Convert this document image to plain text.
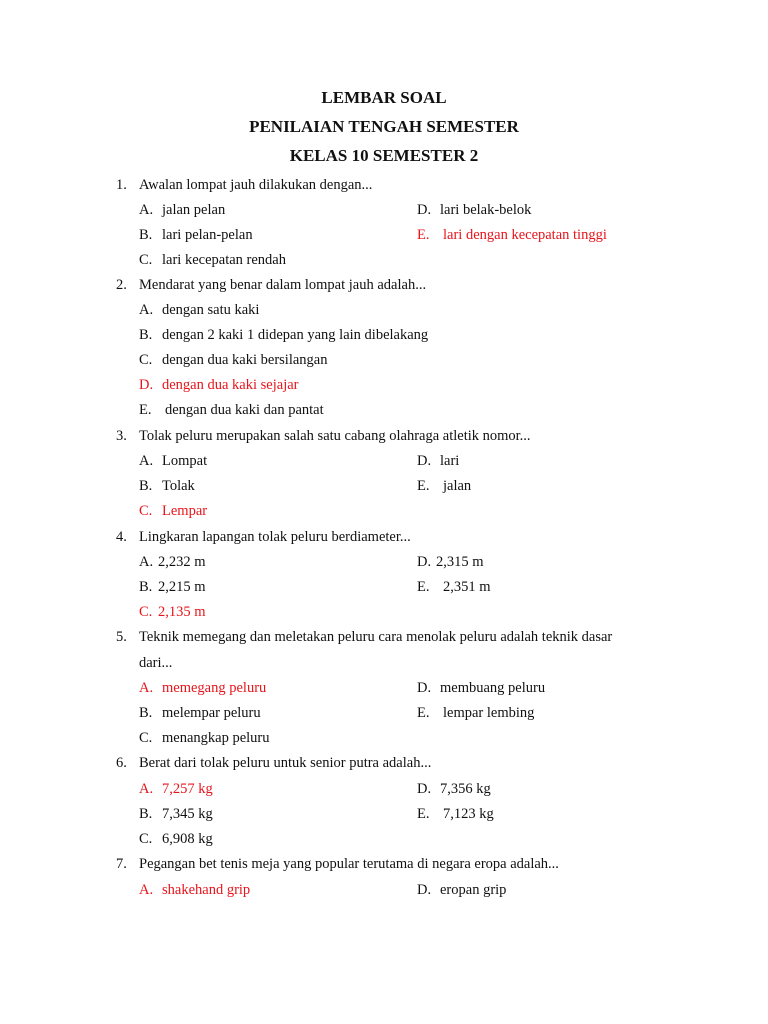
LEMBAR SOAL
PENILAIAN TENGAH SEMESTER
KELAS 10 SEMESTER 2
1. Awalan lompat jauh dilakukan dengan...
A. jalan pelan
B. lari pelan-pelan
C. lari kecepatan rendah
D. lari belak-belok
E. lari dengan kecepatan tinggi
2. Mendarat yang benar dalam lompat jauh adalah...
A. dengan satu kaki
B. dengan 2 kaki 1 didepan yang lain dibelakang
C. dengan dua kaki bersilangan
D. dengan dua kaki sejajar
E. dengan dua kaki dan pantat
3. Tolak peluru merupakan salah satu cabang olahraga atletik nomor...
A. Lompat
B. Tolak
C. Lempar
D. lari
E. jalan
4. Lingkaran lapangan tolak peluru berdiameter...
A. 2,232 m
B. 2,215 m
C. 2,135 m
D. 2,315 m
E. 2,351 m
5. Teknik memegang dan meletakan peluru cara menolak peluru adalah teknik dasar
dari...
A. memegang peluru
B. melempar peluru
C. menangkap peluru
D. membuang peluru
E. lempar lembing
6. Berat dari tolak peluru untuk senior putra adalah...
A. 7,257 kg
B. 7,345 kg
C. 6,908 kg
D. 7,356 kg
E. 7,123 kg
7. Pegangan bet tenis meja yang popular terutama di negara eropa adalah...
A. shakehand grip	D. eropan grip
